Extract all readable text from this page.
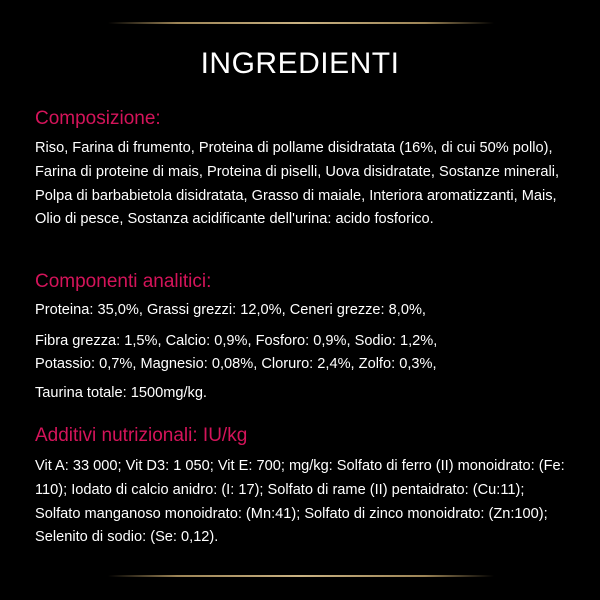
INGREDIENTI
Composizione:

Riso, Farina di frumento, Proteina di pollame disidratata (16%, di cui 50% pollo), Farina di proteine di mais, Proteina di piselli, Uova disidratate, Sostanze minerali, Polpa di barbabietola disidratata, Grasso di maiale, Interiora aromatizzanti, Mais, Olio di pesce, Sostanza acidificante dell'urina: acido fosforico.

Componenti analitici:

Proteina: 35,0%, Grassi grezzi: 12,0%, Ceneri grezze: 8,0%,

Fibra grezza: 1,5%, Calcio: 0,9%, Fosforo: 0,9%, Sodio: 1,2%,

Potassio: 0,7%, Magnesio: 0,08%, Cloruro: 2,4%, Zolfo: 0,3%,

Taurina totale: 1500mg/kg.

Additivi nutrizionali: IU/kg

Vit A: 33 000; Vit D3: 1 050; Vit E: 700; mg/kg: Solfato di ferro (II) monoidrato: (Fe: 110); Iodato di calcio anidro: (I: 17); Solfato di rame (II) pentaidrato: (Cu:11); Solfato manganoso monoidrato: (Mn:41); Solfato di zinco monoidrato: (Zn:100); Selenito di sodio: (Se: 0,12).
